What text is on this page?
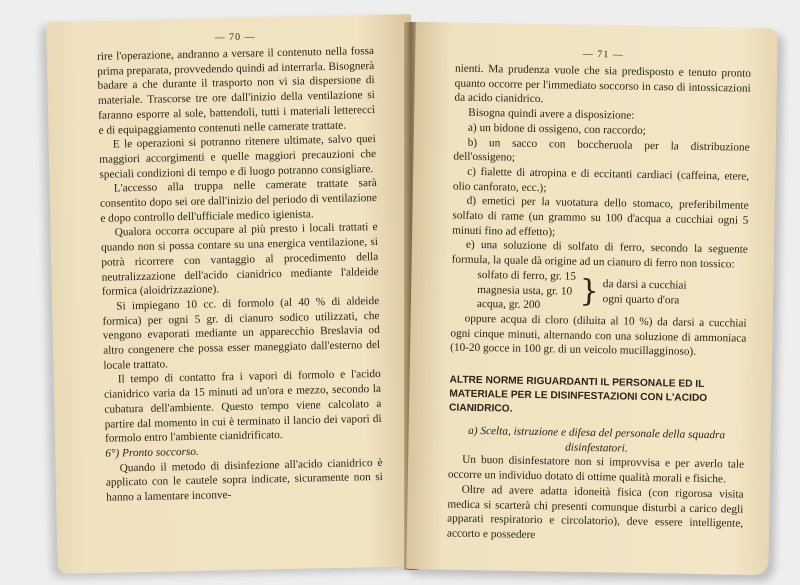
— 70 —

rire l'operazione, andranno a versare il contenuto nella fossa prima preparata, provvedendo quindi ad interrarla. Bisognerà badare a che durante il trasporto non vi sia dispersione di materiale. Trascorse tre ore dall'inizio della ventilazione si faranno esporre al sole, battendoli, tutti i materiali lettereccì e di equipaggiamento contenuti nelle camerate trattate.

E le operazioni si potranno ritenere ultimate, salvo quei maggiori accorgimenti e quelle maggiori precauzioni che speciali condizioni di tempo e di luogo potranno consigliare.

L'accesso alla truppa nelle camerate trattate sarà consentito dopo sei ore dall'inizio del periodo di ventilazione e dopo controllo dell'ufficiale medico igienista.

Qualora occorra occupare al più presto i locali trattati e quando non si possa contare su una energica ventilazione, si potrà ricorrere con vantaggio al procedimento della neutralizzazione dell'acido cianidrico mediante l'aldeide formica (aloidrizzazione).

Si impiegano 10 cc. di formolo (al 40 % di aldeide formica) per ogni 5 gr. di cianuro sodico utilizzati, che vengono evaporati mediante un apparecchio Breslavia od altro congenere che possa esser maneggiato dall'esterno del locale trattato.

Il tempo di contatto fra i vapori di formolo e l'acido cianidrico varia da 15 minuti ad un'ora e mezzo, secondo la cubatura dell'ambiente. Questo tempo viene calcolato a partire dal momento in cui è terminato il lancio dei vapori di formolo entro l'ambiente cianidrificato.

6°) Pronto soccorso.

Quando il metodo di disinfezione all'acido cianidrico è applicato con le cautele sopra indicate, sicuramente non si hanno a lamentare inconve-

— 71 —

nienti. Ma prudenza vuole che sia predisposto e tenuto pronto quanto occorre per l'immediato soccorso in caso di intossicazioni da acido cianidrico.

Bisogna quindi avere a disposizione:

a) un bidone di ossigeno, con raccordo;

b) un sacco con boccheruola per la distribuzione dell'ossigeno;

c) fialette di atropina e di eccitanti cardiaci (caffeina, etere, olio canforato, ecc.);

d) emetici per la vuotatura dello stomaco, preferibilmente solfato di rame (un grammo su 100 d'acqua a cucchiai ogni 5 minuti fino ad effetto);

e) una soluzione di solfato di ferro, secondo la seguente formula, la quale dà origine ad un cianuro di ferro non tossico:

solfato di ferro, gr. 15
magnesia usta, gr. 10
acqua, gr. 200	} da darsi a cucchiai
ogni quarto d'ora

oppure acqua di cloro (diluita al 10 %) da darsi a cucchiai ogni cinque minuti, alternando con una soluzione di ammoniaca (10-20 gocce in 100 gr. di un veicolo mucillagginoso).

ALTRE NORME RIGUARDANTI IL PERSONALE ED IL MATERIALE PER LE DISINFESTAZIONI CON L'ACIDO CIANIDRICO.

a) Scelta, istruzione e difesa del personale della squadra disinfestatori.

Un buon disinfestatore non si improvvisa e per averlo tale occorre un individuo dotato di ottime qualità morali e fisiche.

Oltre ad avere adatta idoneità fisica (con rigorosa visita medica si scarterà chi presenti comunque disturbi a carico degli apparati respiratorio e circolatorio), deve essere intelligente, accorto e possedere
